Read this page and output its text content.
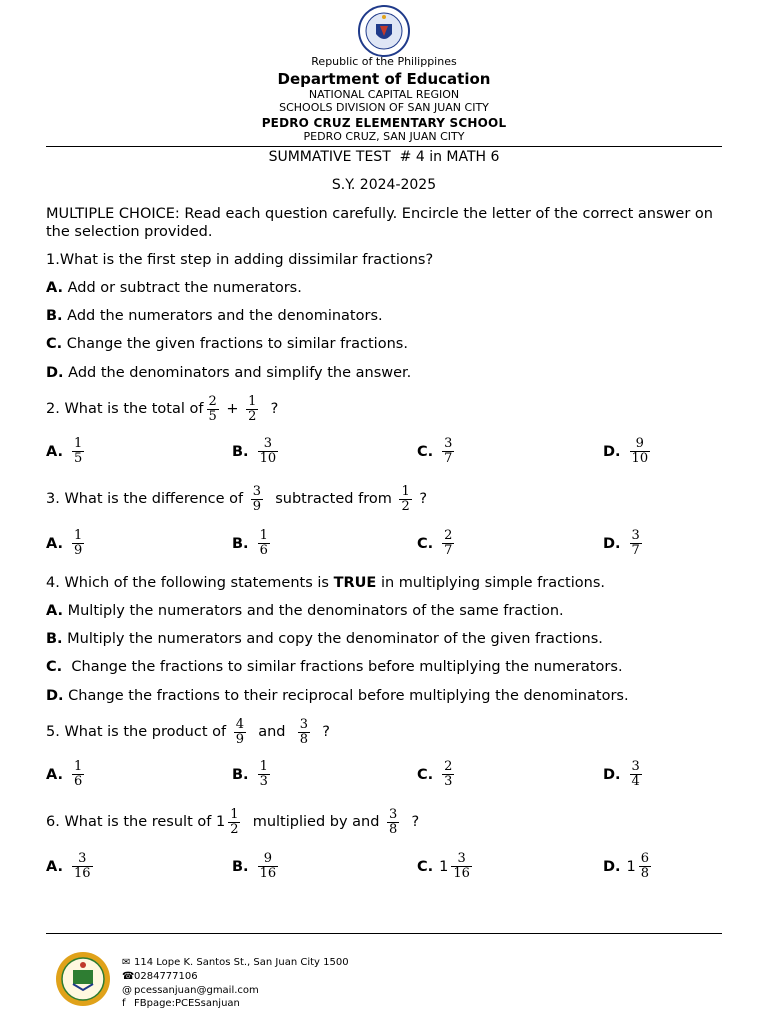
Republic of the Philippines
Department of Education
NATIONAL CAPITAL REGION
SCHOOLS DIVISION OF SAN JUAN CITY
PEDRO CRUZ ELEMENTARY SCHOOL
PEDRO CRUZ, SAN JUAN CITY
SUMMATIVE TEST  # 4 in MATH 6
S.Y. 2024-2025
MULTIPLE CHOICE: Read each question carefully. Encircle the letter of the correct answer on the selection provided.
1.What is the first step in adding dissimilar fractions?
A. Add or subtract the numerators.
B. Add the numerators and the denominators.
C. Change the given fractions to similar fractions.
D. Add the denominators and simplify the answer.
2. What is the total of $\frac{2}{5} + \frac{1}{2}$ ?
A. $\frac{1}{5}$	B. $\frac{3}{10}$	C. $\frac{3}{7}$	D. $\frac{9}{10}$
3. What is the difference of $\frac{3}{9}$ subtracted from $\frac{1}{2}$ ?
A. $\frac{1}{9}$	B. $\frac{1}{6}$	C. $\frac{2}{7}$	D. $\frac{3}{7}$
4. Which of the following statements is TRUE in multiplying simple fractions.
A. Multiply the numerators and the denominators of the same fraction.
B. Multiply the numerators and copy the denominator of the given fractions.
C.  Change the fractions to similar fractions before multiplying the numerators.
D. Change the fractions to their reciprocal before multiplying the denominators.
5. What is the product of $\frac{4}{9}$ and $\frac{3}{8}$ ?
A. $\frac{1}{6}$	B. $\frac{1}{3}$	C. $\frac{2}{3}$	D. $\frac{3}{4}$
6. What is the result of $1 \frac{1}{2}$ multiplied by and $\frac{3}{8}$ ?
A. $\frac{3}{16}$	B. $\frac{9}{16}$	C. $1 \frac{3}{16}$	D. $1 \frac{6}{8}$
✉ 114 Lope K. Santos St., San Juan City 1500
☎0284777106
@ pcessanjuan@gmail.com
f FBpage:PCESsanjuan
